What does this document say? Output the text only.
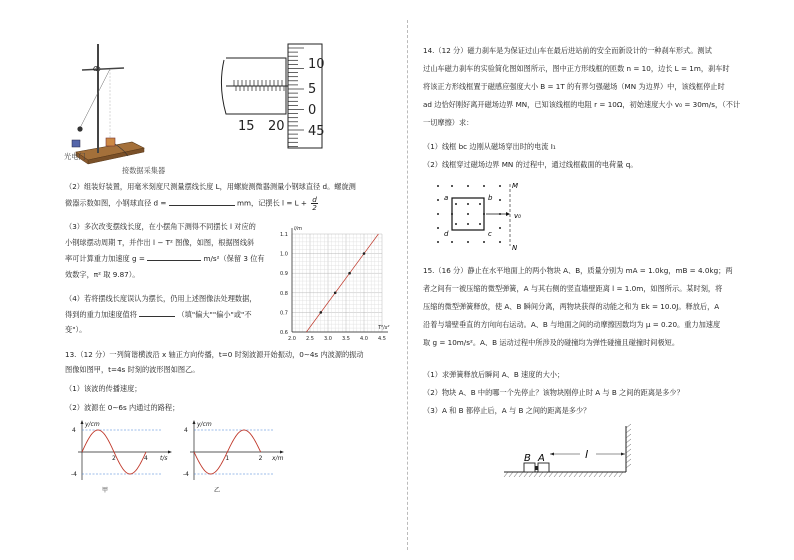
O
光电门
接数据采集器
15 20
10
5
0
45
（2）组装好装置，用毫米刻度尺测量摆线长度 L，用螺旋测微器测量小钢球直径 d。螺旋测
微器示数如图，小钢球直径 d =	mm，记摆长 $l = L + \frac{d}{2}$
（3）多次改变摆线长度，在小摆角下测得不同摆长 l 对应的
小钢球摆动周期 T，并作出 l − T² 图像，如图，根据图线斜
率可计算重力加速度 g =	m/s²（保留 3 位有
效数字，π² 取 9.87）。
（4）若将摆线长度误认为摆长，仍用上述图像法处理数据，
得到的重力加速度值将	（填"偏大""偏小"或"不
变"）。
2.0 2.5 3.0 3.5 4.0 4.5
0.6
0.7
0.8
0.9
1.0
1.1
T²/s²
l/m
13.（12 分）一列简谐横波沿 x 轴正方向传播，t=0 时刻波源开始振动，0∼4s 内波源的振动
图像如图甲，t=4s 时刻的波形图如图乙。
（1）该波的传播速度；
（2）波源在 0∼6s 内通过的路程；
4
-4
2	4
y/cm
t/s
甲
4
-4
1	2
y/cm
x/m
乙
14.（12 分）磁力刹车是为保证过山车在最后进站前的安全而新设计的一种刹车形式。测试
过山车磁力刹车的实验简化图如图所示，图中正方形线框的匝数 n = 10，边长 L = 1m，刹车时
将该正方形线框置于磁感应强度大小 B = 1T 的有界匀强磁场（MN 为边界）中，该线框停止时
ad 边恰好刚好离开磁场边界 MN，已知该线框的电阻 r = 10Ω，初始速度大小 v₀ = 30m/s，（不计
一切摩擦）求：
（1）线框 bc 边刚从磁场穿出时的电流 I₁
（2）线框穿过磁场边界 MN 的过程中，通过线框截面的电荷量 q。
a	b
c
d
M
N
v₀
15.（16 分）静止在水平地面上的两小物块 A、B，质量分别为 mA = 1.0kg，mB = 4.0kg；两
者之间有一被压缩的微型弹簧，A 与其右侧的竖直墙壁距离 l = 1.0m，如图所示。某时刻，将
压缩的微型弹簧释放，使 A、B 瞬间分离，两物块获得的动能之和为 Ek = 10.0J。释放后，A
沿着与墙壁垂直的方向向右运动。A、B 与地面之间的动摩擦因数均为 μ = 0.20。重力加速度
取 g = 10m/s²。A、B 运动过程中所涉及的碰撞均为弹性碰撞且碰撞时间极短。
（1）求弹簧释放后瞬间 A、B 速度的大小；
（2）物块 A、B 中的哪一个先停止？该物块刚停止时 A 与 B 之间的距离是多少？
（3）A 和 B 都停止后，A 与 B 之间的距离是多少？
B A	l
